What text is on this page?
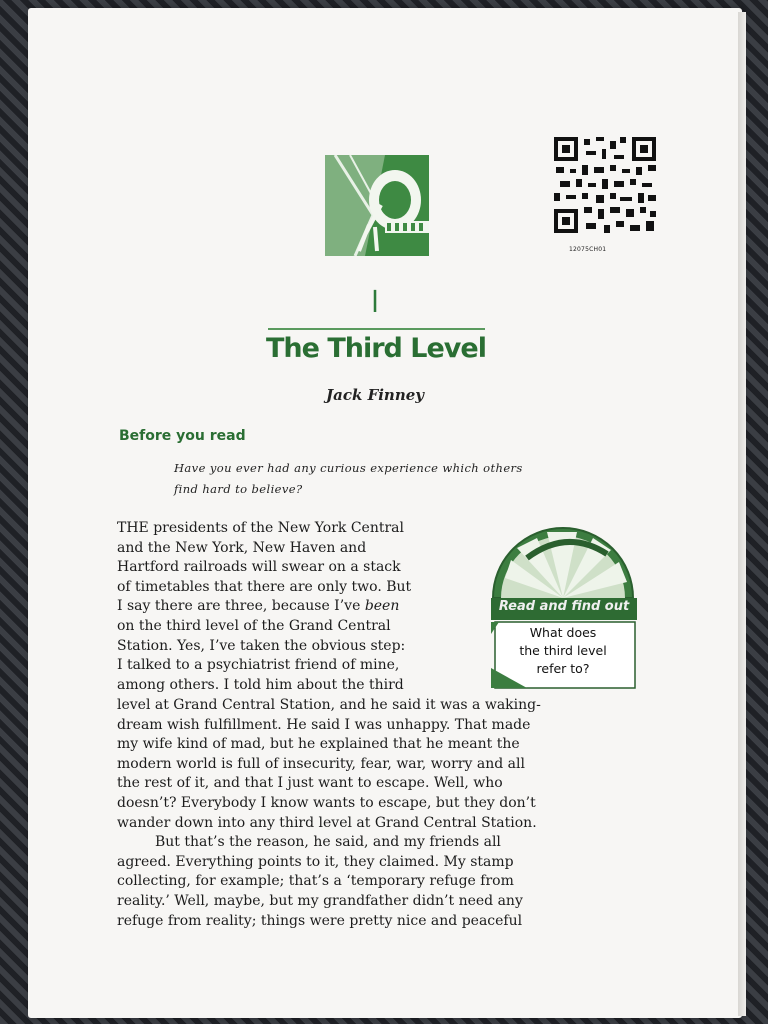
12075CH01
I
The Third Level
Jack Finney
Before you read
Have you ever had any curious experience which others
find hard to believe?
Read and find out
What does
the third level
refer to?
THE presidents of the New York Central
and the New York, New Haven and
Hartford railroads will swear on a stack
of timetables that there are only two. But
I say there are three, because I’ve been
on the third level of the Grand Central
Station. Yes, I’ve taken the obvious step:
I talked to a psychiatrist friend of mine,
among others. I told him about the third
level at Grand Central Station, and he said it was a waking-
dream wish fulfillment. He said I was unhappy. That made
my wife kind of mad, but he explained that he meant the
modern world is full of insecurity, fear, war, worry and all
the rest of it, and that I just want to escape. Well, who
doesn’t? Everybody I know wants to escape, but they don’t
wander down into any third level at Grand Central Station.
But that’s the reason, he said, and my friends all
agreed. Everything points to it, they claimed. My stamp
collecting, for example; that’s a ‘temporary refuge from
reality.’ Well, maybe, but my grandfather didn’t need any
refuge from reality; things were pretty nice and peaceful
